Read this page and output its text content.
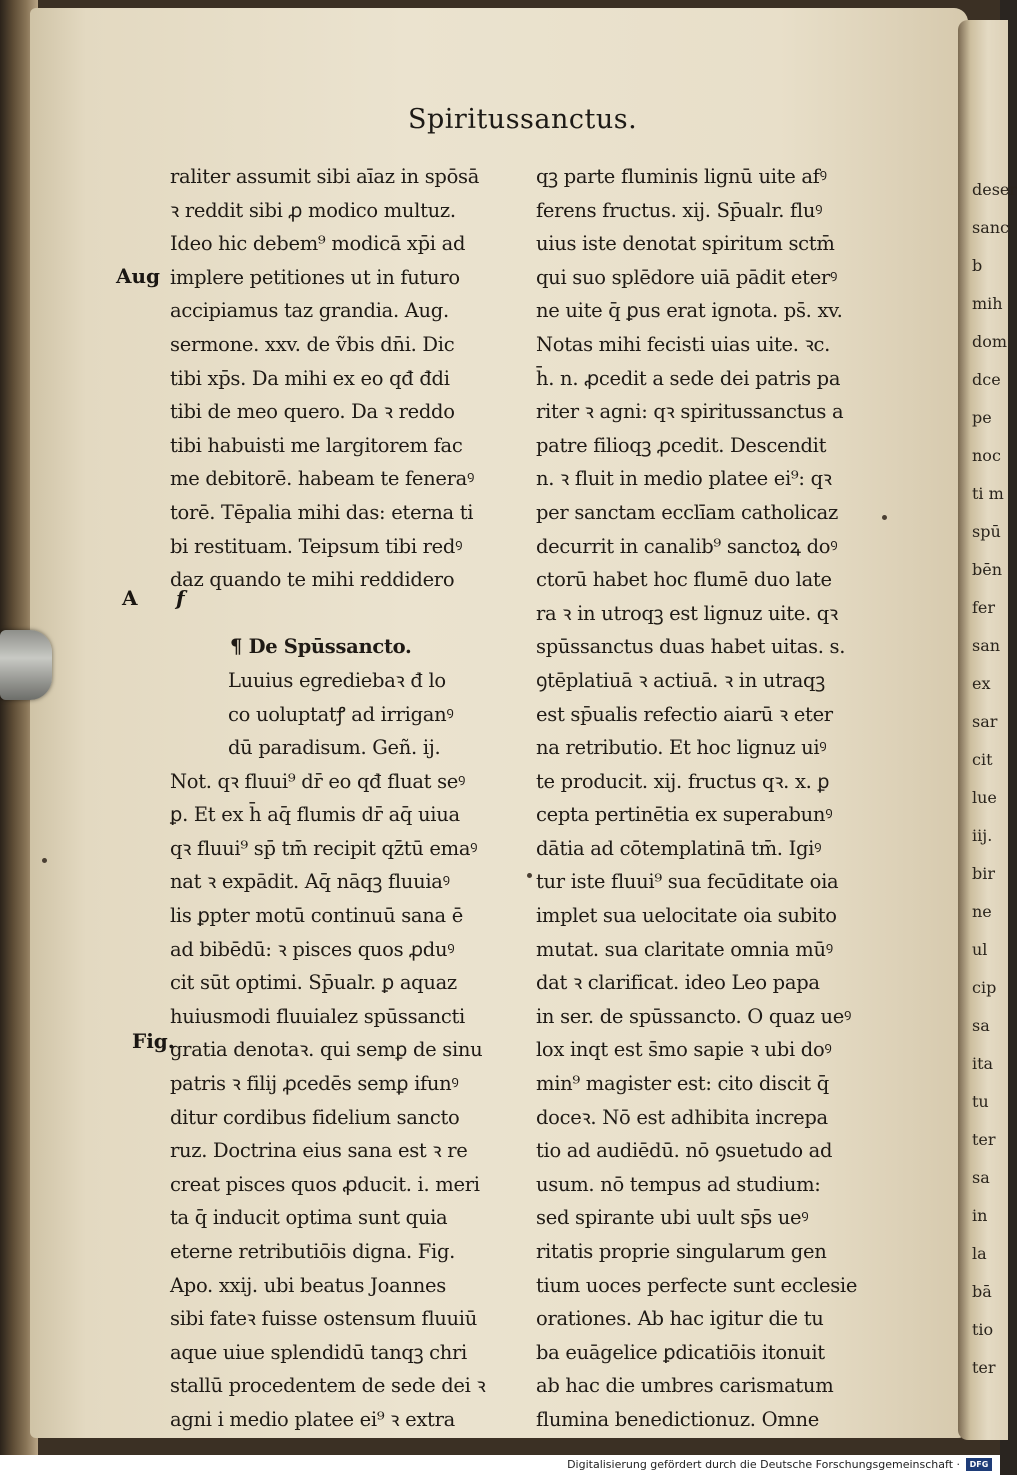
deser
sanc
b
mih
dom
dce
pe
noc
ti m
spū
bēn
fer
san
ex
sar
cit
lue
iij.
bir
ne
ul
cip
sa
ita
tu
ter
sa
in
la
bā
tio
ter
Spiritussanctus.
raliter assumit sibi aīaz in spōsā
ꝛ reddit sibi ꝓ modico multuz.
Ideo hic debem⁹ modicā xp̄i ad
implere petitiones ut in futuro
accipiamus taz grandia. Aug.
sermone. xxv. de ṽbis dn̄i. Dic
tibi xp̄s. Da mihi ex eo qđ đdi
tibi de meo quero. Da ꝛ reddo
tibi habuisti me largitorem fac
me debitorē. habeam te feneraꝰ
torē. Tēpalia mihi das: eterna ti
bi restituam. Teipsum tibi redꝰ
daz quando te mihi reddidero
¶ De Spūssancto.
Luuius egrediebaꝛ đ lo
co uoluptatꝭ ad irriganꝰ
dū paradisum. Geñ. ij.
Not. qꝛ fluui⁹ dr̄ eo qđ fluat seꝰ
ꝑ. Et ex h̄ aq̄ flumis dr̄ aq̄ uiua
qꝛ fluui⁹ sp̄ tm̄ recipit qz̄tū emaꝰ
nat ꝛ expādit. Aq̄ nāqꝫ fluuiaꝰ
lis ꝑpter motū continuū sana ē
ad bibēdū: ꝛ pisces quos ꝓduꝰ
cit sūt optimi. Sp̄ualr. ꝑ aquaz
huiusmodi fluuialez spūssancti
gratia denotaꝛ. qui semꝑ de sinu
patris ꝛ filij ꝓcedēs semꝑ ifunꝰ
ditur cordibus fidelium sancto
ruz. Doctrina eius sana est ꝛ re
creat pisces quos ꝓducit. i. meri
ta q̄ inducit optima sunt quia
eterne retributiōis digna. Fig.
Apo. xxij. ubi beatus Joannes
sibi fateꝛ fuisse ostensum fluuiū
aque uiue splendidū tanqꝫ chri
stallū procedentem de sede dei ꝛ
agni i medio platee ei⁹ ꝛ extra
qꝫ parte fluminis lignū uite afꝰ
ferens fructus. xij. Sp̄ualr. fluꝰ
uius iste denotat spiritum sctm̄
qui suo splēdore uiā pādit eterꝰ
ne uite q̄ ꝑus erat ignota. ps̄. xv.
Notas mihi fecisti uias uite. ꝛc.
h̄. n. ꝓcedit a sede dei patris pa
riter ꝛ agni: qꝛ spiritussanctus a
patre filioqꝫ ꝓcedit. Descendit
n. ꝛ fluit in medio platee ei⁹: qꝛ
per sanctam ecclīam catholicaz
decurrit in canalib⁹ sanctoꝝ doꝰ
ctorū habet hoc flumē duo late
ra ꝛ in utroqꝫ est lignuz uite. qꝛ
spūssanctus duas habet uitas. s.
ꝯtēplatiuā ꝛ actiuā. ꝛ in utraqꝫ
est sp̄ualis refectio aiarū ꝛ eter
na retributio. Et hoc lignuz uiꝰ
te producit. xij. fructus qꝛ. x. ꝑ
cepta pertinētia ex superabunꝰ
dātia ad cōtemplatinā tm̄. Igiꝰ
tur iste fluui⁹ sua fecūditate oia
implet sua uelocitate oia subito
mutat. sua claritate omnia mūꝰ
dat ꝛ clarificat. ideo Leo papa
in ser. de spūssancto. O quaz ueꝰ
lox inqt est s̄mo sapie ꝛ ubi doꝰ
min⁹ magister est: cito discit q̄
doceꝛ. Nō est adhibita increpa
tio ad audiēdū. nō ꝯsuetudo ad
usum. nō tempus ad studium:
sed spirante ubi uult sp̄s ueꝰ
ritatis proprie singularum gen
tium uoces perfecte sunt ecclesie
orationes. Ab hac igitur die tu
ba euāgelice ꝑdicatiōis itonuit
ab hac die umbres carismatum
flumina benedictionuz. Omne
Aug
A f
Fig.
Digitalisierung gefördert durch die Deutsche Forschungsgemeinschaft ·	DFG
